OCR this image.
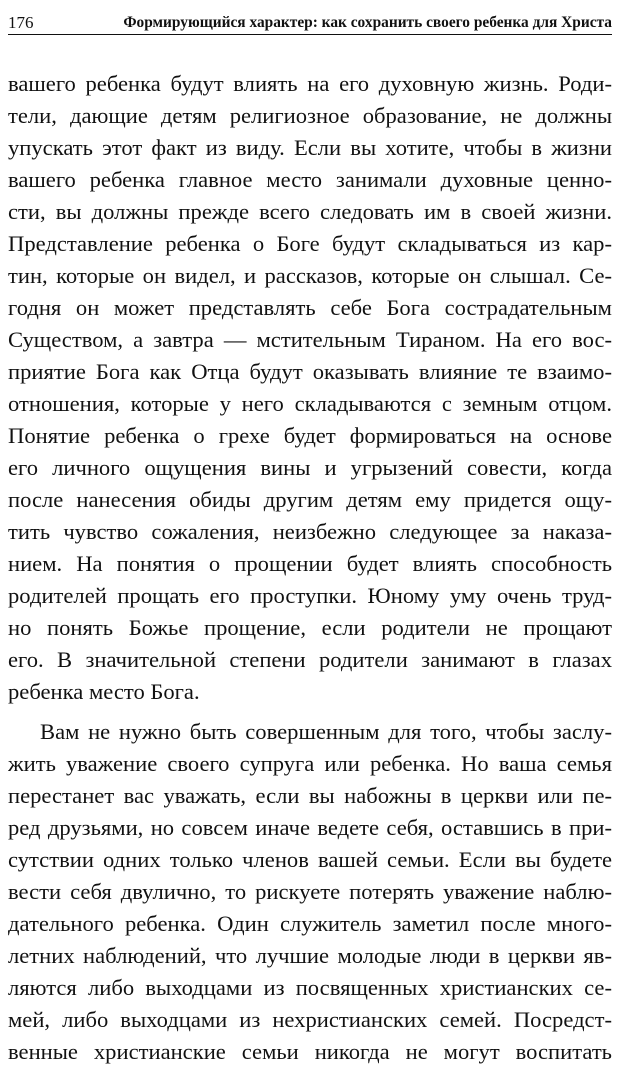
176	Формирующийся характер: как сохранить своего ребенка для Христа
вашего ребенка будут влиять на его духовную жизнь. Роди-
тели, дающие детям религиозное образование, не должны
упускать этот факт из виду. Если вы хотите, чтобы в жизни
вашего ребенка главное место занимали духовные ценно-
сти, вы должны прежде всего следовать им в своей жизни.
Представление ребенка о Боге будут складываться из кар-
тин, которые он видел, и рассказов, которые он слышал. Се-
годня он может представлять себе Бога сострадательным
Существом, а завтра — мстительным Тираном. На его вос-
приятие Бога как Отца будут оказывать влияние те взаимо-
отношения, которые у него складываются с земным отцом.
Понятие ребенка о грехе будет формироваться на основе
его личного ощущения вины и угрызений совести, когда
после нанесения обиды другим детям ему придется ощу-
тить чувство сожаления, неизбежно следующее за наказа-
нием. На понятия о прощении будет влиять способность
родителей прощать его проступки. Юному уму очень труд-
но понять Божье прощение, если родители не прощают
его. В значительной степени родители занимают в глазах
ребенка место Бога.
Вам не нужно быть совершенным для того, чтобы заслу-
жить уважение своего супруга или ребенка. Но ваша семья
перестанет вас уважать, если вы набожны в церкви или пе-
ред друзьями, но совсем иначе ведете себя, оставшись в при-
сутствии одних только членов вашей семьи. Если вы будете
вести себя двулично, то рискуете потерять уважение наблю-
дательного ребенка. Один служитель заметил после много-
летних наблюдений, что лучшие молодые люди в церкви яв-
ляются либо выходцами из посвященных христианских се-
мей, либо выходцами из нехристианских семей. Посредст-
венные христианские семьи никогда не могут воспитать
